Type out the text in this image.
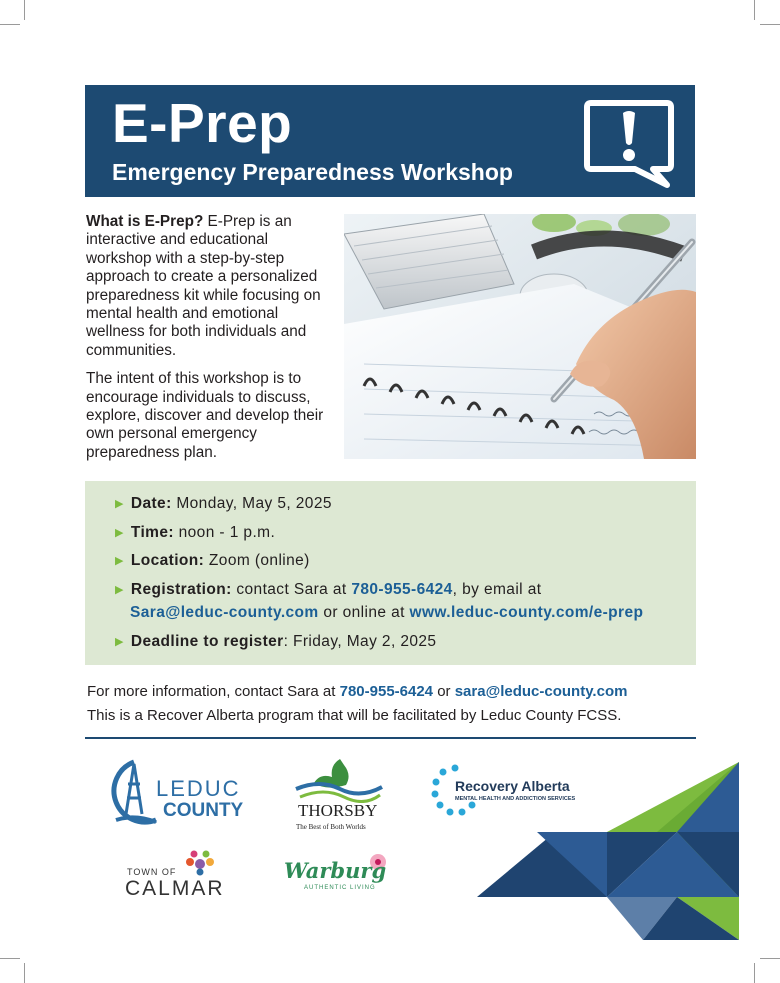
E-Prep
Emergency Preparedness Workshop

What is E-Prep? E-Prep is an interactive and educational workshop with a step-by-step approach to create a personalized preparedness kit while focusing on mental health and emotional wellness for both individuals and communities.

The intent of this workshop is to encourage individuals to discuss, explore, discover and develop their own personal emergency preparedness plan.

▶ Date: Monday, May 5, 2025
▶ Time: noon - 1 p.m.
▶ Location: Zoom (online)
▶ Registration: contact Sara at 780-955-6424, by email at
Sara@leduc-county.com or online at www.leduc-county.com/e-prep
▶ Deadline to register: Friday, May 2, 2025
For more information, contact Sara at 780-955-6424 or sara@leduc-county.com
This is a Recover Alberta program that will be facilitated by Leduc County FCSS.
LEDUC
COUNTY	THORSBY
The Best of Both Worlds
Recovery Alberta
MENTAL HEALTH AND ADDICTION SERVICES
TOWN OF
CALMAR
Warburg
AUTHENTIC LIVING
